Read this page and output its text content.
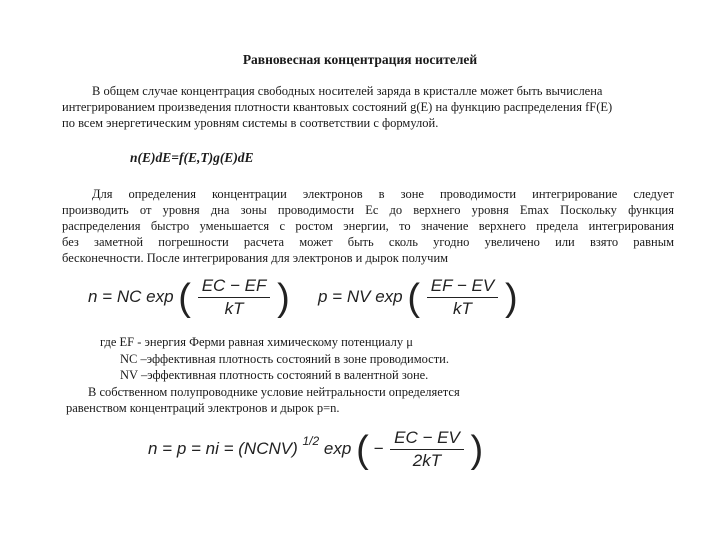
Равновесная концентрация носителей
В общем случае концентрация свободных носителей заряда в кристалле может быть вычислена
интегрированием произведения плотности квантовых состояний g(E) на функцию распределения fF(E)
по всем энергетическим уровням системы в соответствии с формулой.
n(E)dE=f(E,T)g(E)dE
Для определения концентрации электронов в зоне проводимости интегрирование следует
производить от уровня дна зоны проводимости Ec до верхнего уровня Emax Поскольку функция
распределения быстро уменьшается с ростом энергии, то значение верхнего предела интегрирования
без заметной погрешности расчета может быть сколь угодно увеличено или взято равным
бесконечности. После интегрирования для электронов и дырок получим
n = NC exp ( $\frac{EC - EF}{kT}$ ) p = NV exp ( $\frac{EF - EV}{kT}$ )
где EF - энергия Ферми равная химическому потенциалу μ
NC –эффективная плотность состояний в зоне проводимости.
NV –эффективная плотность состояний в валентной зоне.
В собственном полупроводнике условие нейтральности определяется
равенством концентраций электронов и дырок p=n.
n = p = ni = (NCNV) $^{1/2}$ exp ( − $\frac{EC - EV}{2kT}$ )
